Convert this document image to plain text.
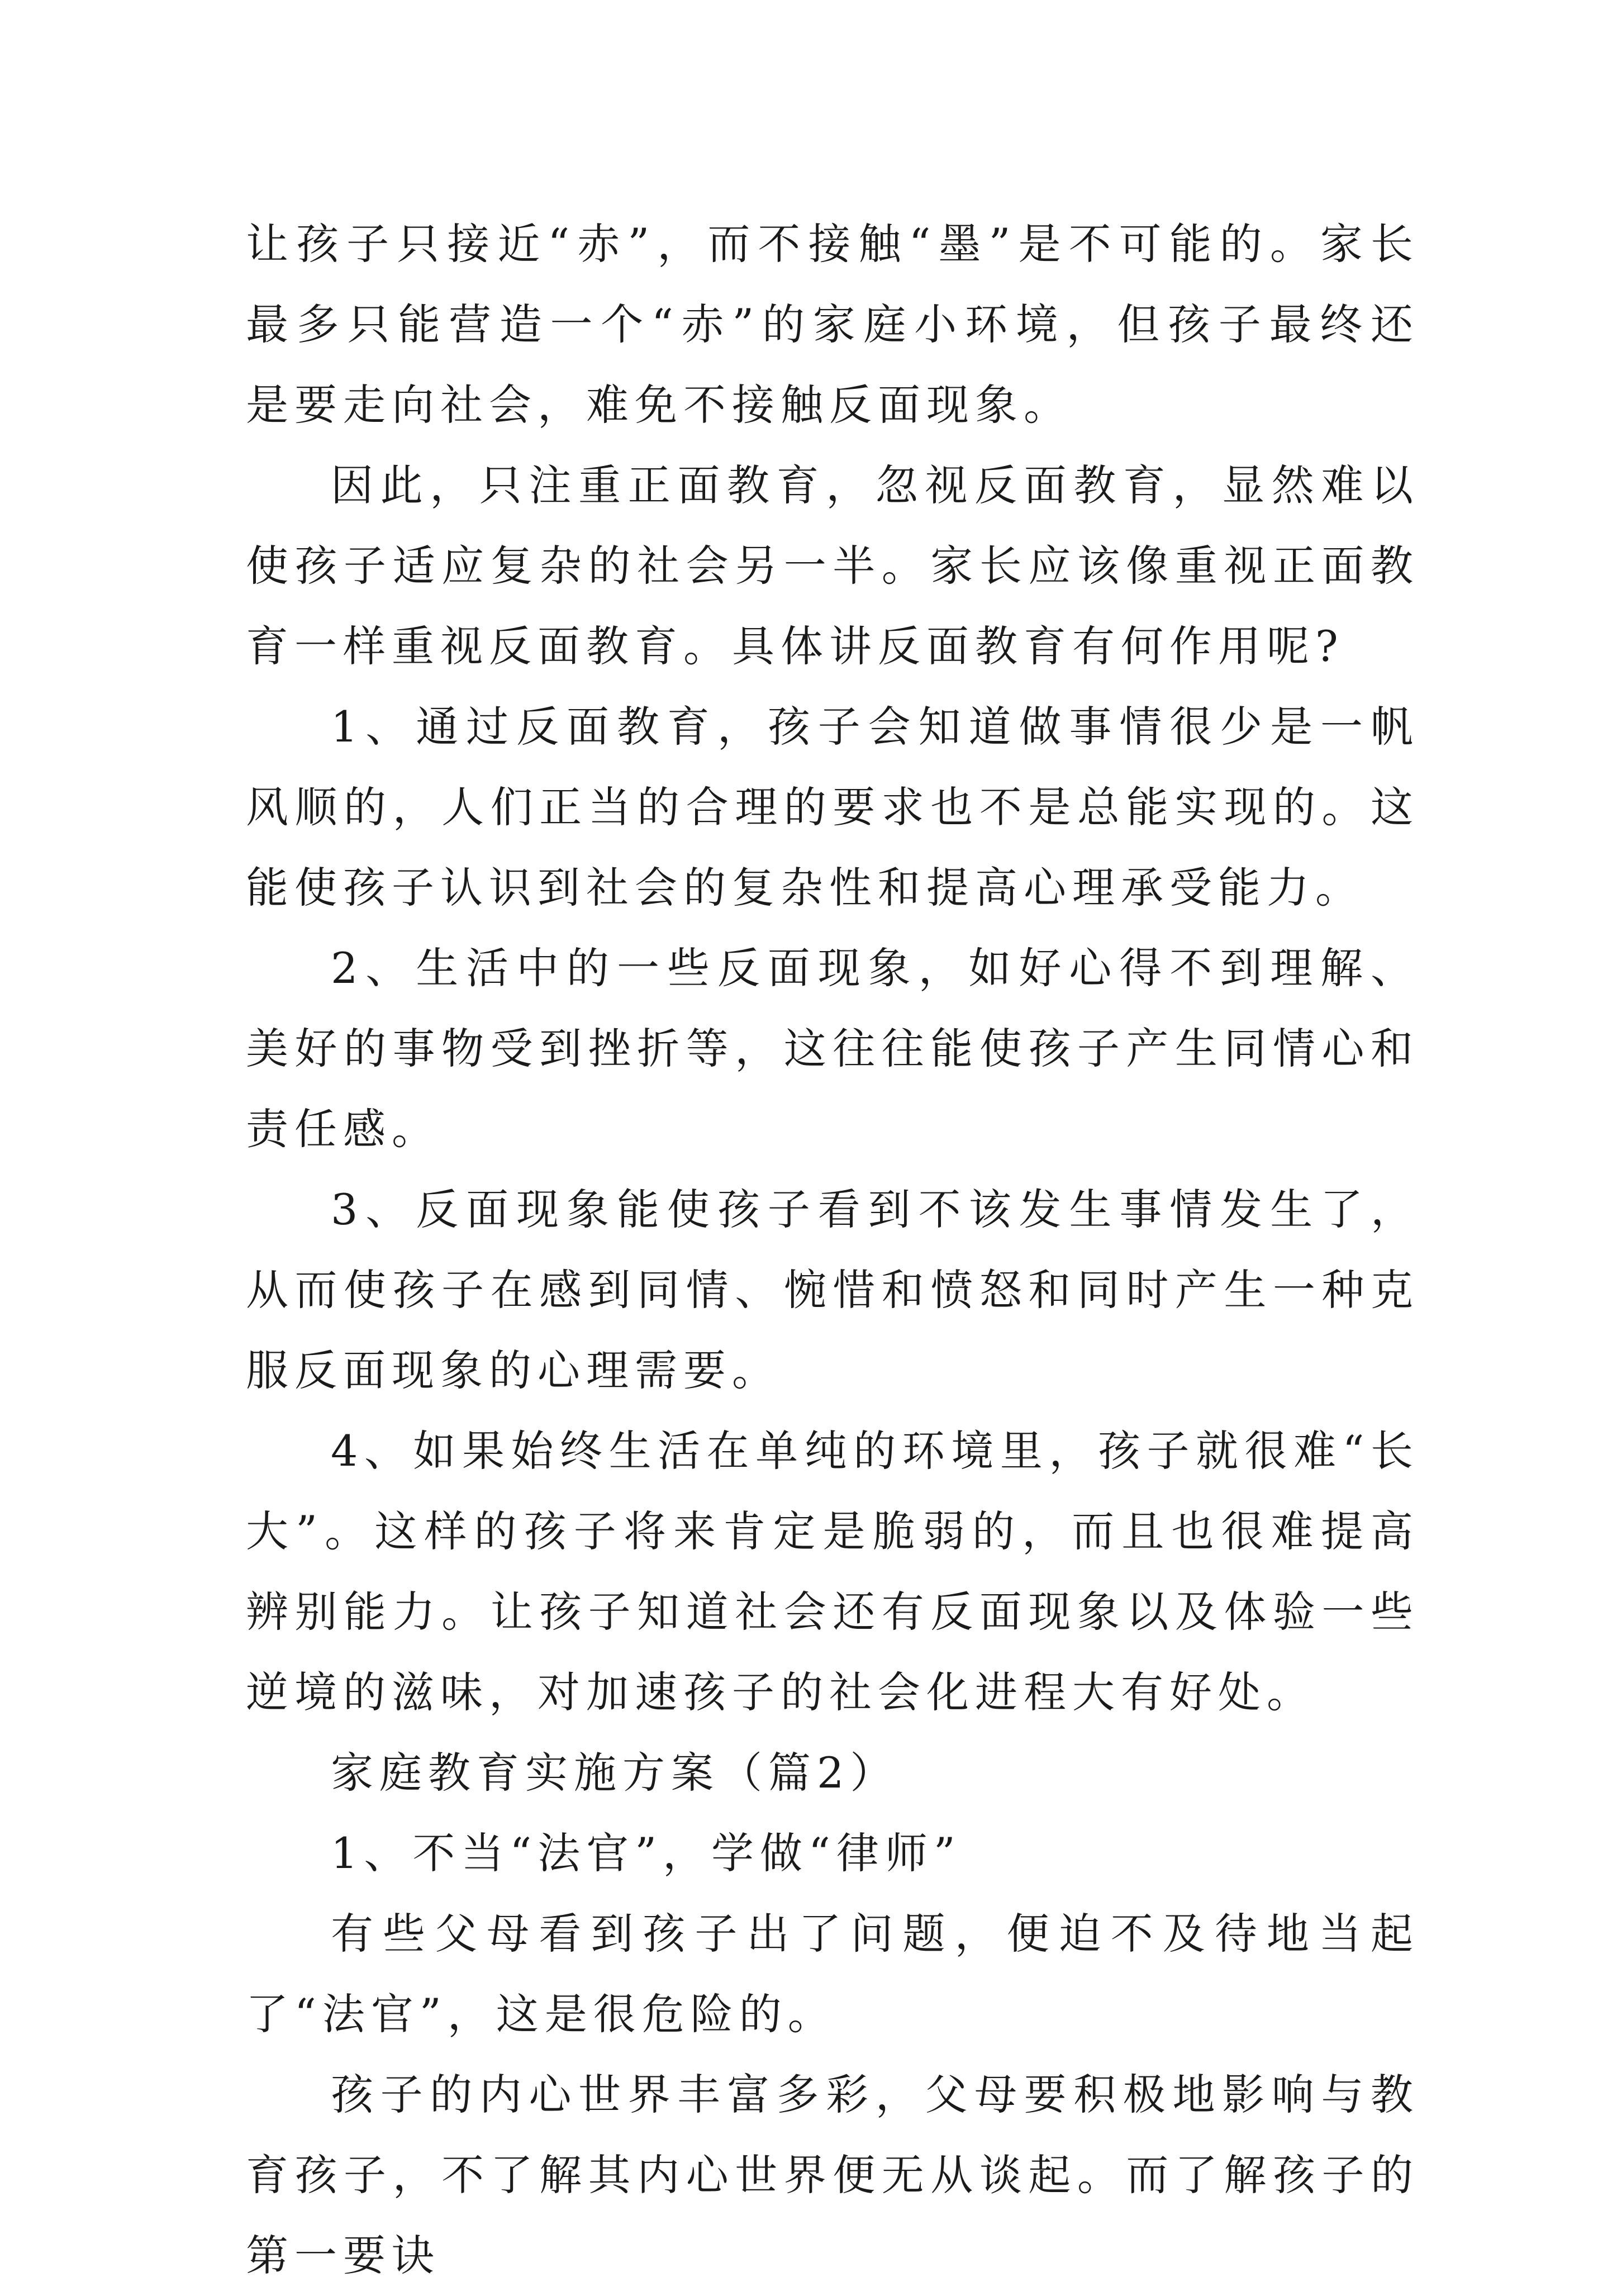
让孩子只接近“赤”，而不接触“墨”是不可能的。家长最多只能营造一个“赤”的家庭小环境，但孩子最终还是要走向社会，难免不接触反面现象。

因此，只注重正面教育，忽视反面教育，显然难以使孩子适应复杂的社会另一半。家长应该像重视正面教育一样重视反面教育。具体讲反面教育有何作用呢?

1、通过反面教育，孩子会知道做事情很少是一帆风顺的，人们正当的合理的要求也不是总能实现的。这能使孩子认识到社会的复杂性和提高心理承受能力。

2、生活中的一些反面现象，如好心得不到理解、美好的事物受到挫折等，这往往能使孩子产生同情心和责任感。

3、反面现象能使孩子看到不该发生事情发生了，从而使孩子在感到同情、惋惜和愤怒和同时产生一种克服反面现象的心理需要。

4、如果始终生活在单纯的环境里，孩子就很难“长大”。这样的孩子将来肯定是脆弱的，而且也很难提高辨别能力。让孩子知道社会还有反面现象以及体验一些逆境的滋味，对加速孩子的社会化进程大有好处。

家庭教育实施方案（篇2）

1、不当“法官”，学做“律师”

有些父母看到孩子出了问题，便迫不及待地当起了“法官”，这是很危险的。

孩子的内心世界丰富多彩，父母要积极地影响与教育孩子，不了解其内心世界便无从谈起。而了解孩子的第一要诀
